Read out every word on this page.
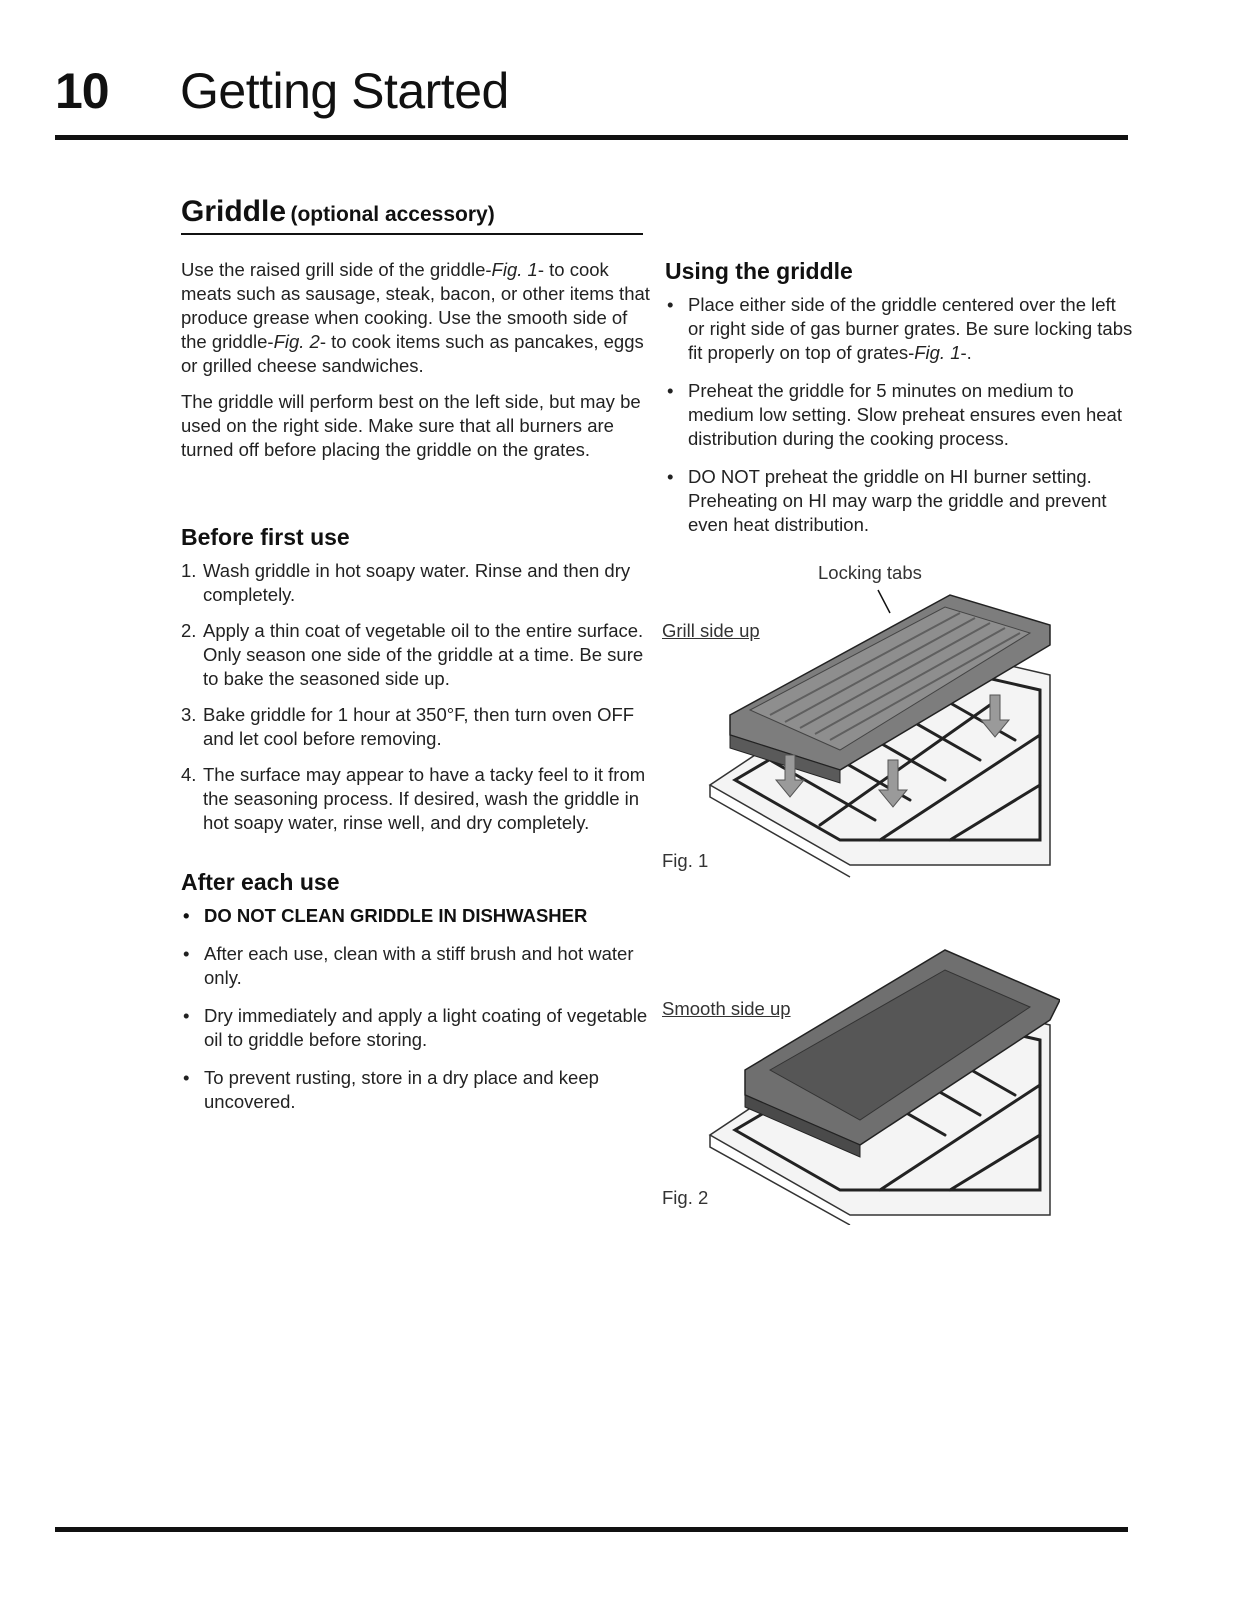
10 Getting Started
Griddle (optional accessory)

Use the raised grill side of the griddle-Fig. 1- to cook meats such as sausage, steak, bacon, or other items that produce grease when cooking. Use the smooth side of the griddle-Fig. 2- to cook items such as pancakes, eggs or grilled cheese sandwiches.

The griddle will perform best on the left side, but may be used on the right side. Make sure that all burners are turned off before placing the griddle on the grates.

Before first use
1. Wash griddle in hot soapy water. Rinse and then dry completely.
2. Apply a thin coat of vegetable oil to the entire surface. Only season one side of the griddle at a time. Be sure to bake the seasoned side up.
3. Bake griddle for 1 hour at 350°F, then turn oven OFF and let cool before removing.
4. The surface may appear to have a tacky feel to it from the seasoning process. If desired, wash the griddle in hot soapy water, rinse well, and dry completely.
After each use
• DO NOT CLEAN GRIDDLE IN DISHWASHER
• After each use, clean with a stiff brush and hot water only.
• Dry immediately and apply a light coating of vegetable oil to griddle before storing.
• To prevent rusting, store in a dry place and keep uncovered.
Using the griddle
• Place either side of the griddle centered over the left or right side of gas burner grates. Be sure locking tabs fit properly on top of grates-Fig. 1-.
• Preheat the griddle for 5 minutes on medium to medium low setting. Slow preheat ensures even heat distribution during the cooking process.
• DO NOT preheat the griddle on HI burner setting. Preheating on HI may warp the griddle and prevent even heat distribution.
Locking tabs
Grill side up
Fig. 1
Smooth side up
Fig. 2
